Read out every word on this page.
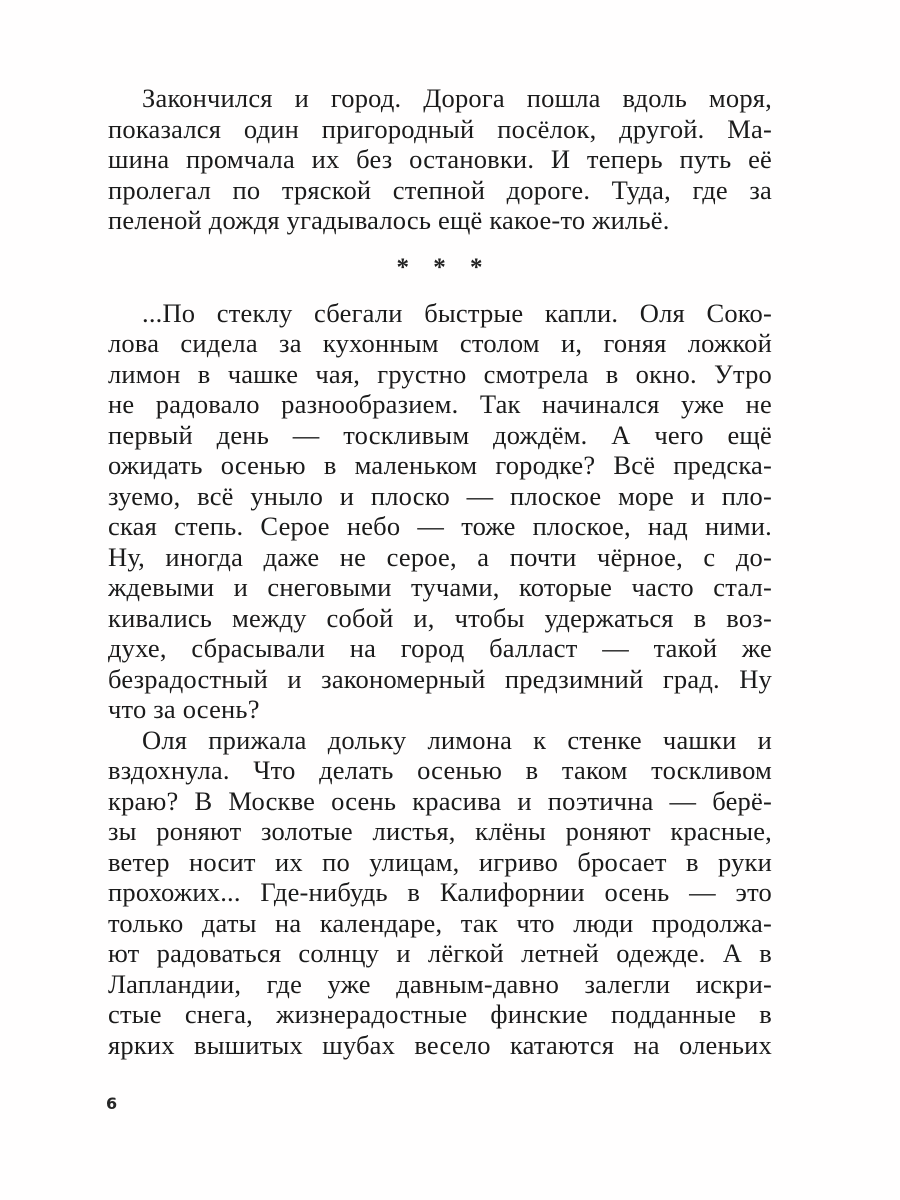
Закончился и город. Дорога пошла вдоль моря,
показался один пригородный посёлок, другой. Ма-
шина промчала их без остановки. И теперь путь её
пролегал по тряской степной дороге. Туда, где за
пеленой дождя угадывалось ещё какое-то жильё.
* * *
...По стеклу сбегали быстрые капли. Оля Соко-
лова сидела за кухонным столом и, гоняя ложкой
лимон в чашке чая, грустно смотрела в окно. Утро
не радовало разнообразием. Так начинался уже не
первый день — тоскливым дождём. А чего ещё
ожидать осенью в маленьком городке? Всё предска-
зуемо, всё уныло и плоско — плоское море и пло-
ская степь. Серое небо — тоже плоское, над ними.
Ну, иногда даже не серое, а почти чёрное, с до-
ждевыми и снеговыми тучами, которые часто стал-
кивались между собой и, чтобы удержаться в воз-
духе, сбрасывали на город балласт — такой же
безрадостный и закономерный предзимний град. Ну
что за осень?
Оля прижала дольку лимона к стенке чашки и
вздохнула. Что делать осенью в таком тоскливом
краю? В Москве осень красива и поэтична — берё-
зы роняют золотые листья, клёны роняют красные,
ветер носит их по улицам, игриво бросает в руки
прохожих... Где-нибудь в Калифорнии осень — это
только даты на календаре, так что люди продолжа-
ют радоваться солнцу и лёгкой летней одежде. А в
Лапландии, где уже давным-давно залегли искри-
стые снега, жизнерадостные финские подданные в
ярких вышитых шубах весело катаются на оленьих
6
